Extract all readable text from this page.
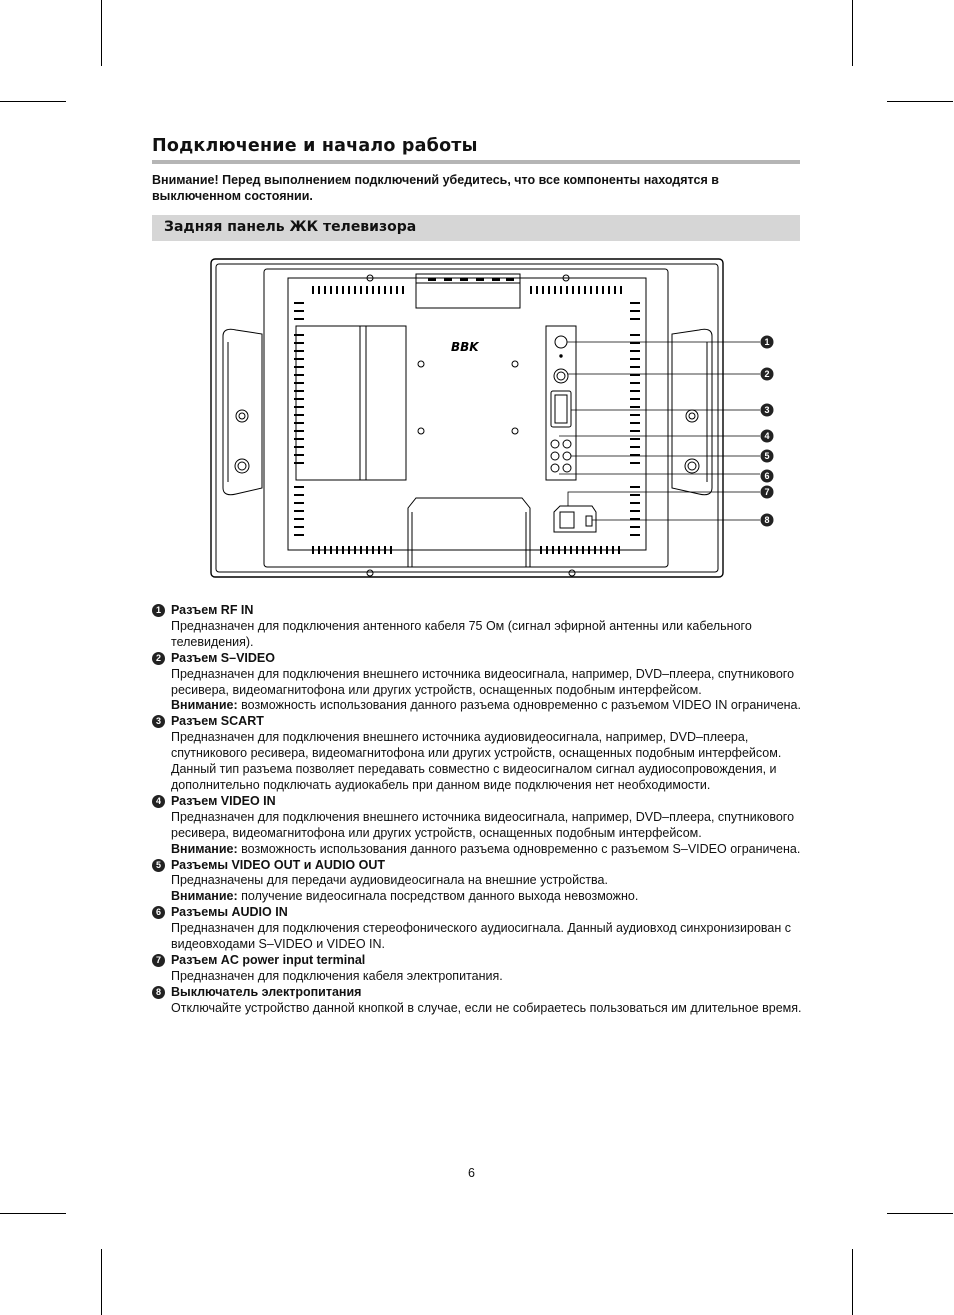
Подключение и начало работы
Внимание! Перед выполнением подключений убедитесь, что все компоненты находятся в выключенном состоянии.
Задняя панель ЖК телевизора
BBK	1
2
3
4
5
6
7
8
1 Разъем RF IN

Предназначен для подключения антенного кабеля 75 Ом (сигнал эфирной антенны или кабельного телевидения).

2 Разъем S–VIDEO

Предназначен для подключения внешнего источника видеосигнала, например, DVD–плеера, спутникового ресивера, видеомагнитофона или других устройств, оснащенных подобным интерфейсом.

Внимание: возможность использования данного разъема одновременно с разъемом VIDEO IN ограничена.

3 Разъем SCART

Предназначен для подключения внешнего источника аудиовидеосигнала, например, DVD–плеера, спутникового ресивера, видеомагнитофона или других устройств, оснащенных подобным интерфейсом. Данный тип разъема позволяет передавать совместно с видеосигналом сигнал аудиосопровождения, и дополнительно подключать аудиокабель при данном виде подключения нет необходимости.

4 Разъем VIDEO IN

Предназначен для подключения внешнего источника видеосигнала, например, DVD–плеера, спутникового ресивера, видеомагнитофона или других устройств, оснащенных подобным интерфейсом.

Внимание: возможность использования данного разъема одновременно с разъемом S–VIDEO ограничена.

5 Разъемы VIDEO OUT и AUDIO OUT

Предназначены для передачи аудиовидеосигнала на внешние устройства.

Внимание: получение видеосигнала посредством данного выхода невозможно.

6 Разъемы AUDIO IN

Предназначен для подключения стереофонического аудиосигнала. Данный аудиовход синхронизирован с видеовходами S–VIDEO и VIDEO IN.

7 Разъем AC power input terminal

Предназначен для подключения кабеля электропитания.

8 Выключатель электропитания

Отключайте устройство данной кнопкой в случае, если не собираетесь пользоваться им длительное время.

6
